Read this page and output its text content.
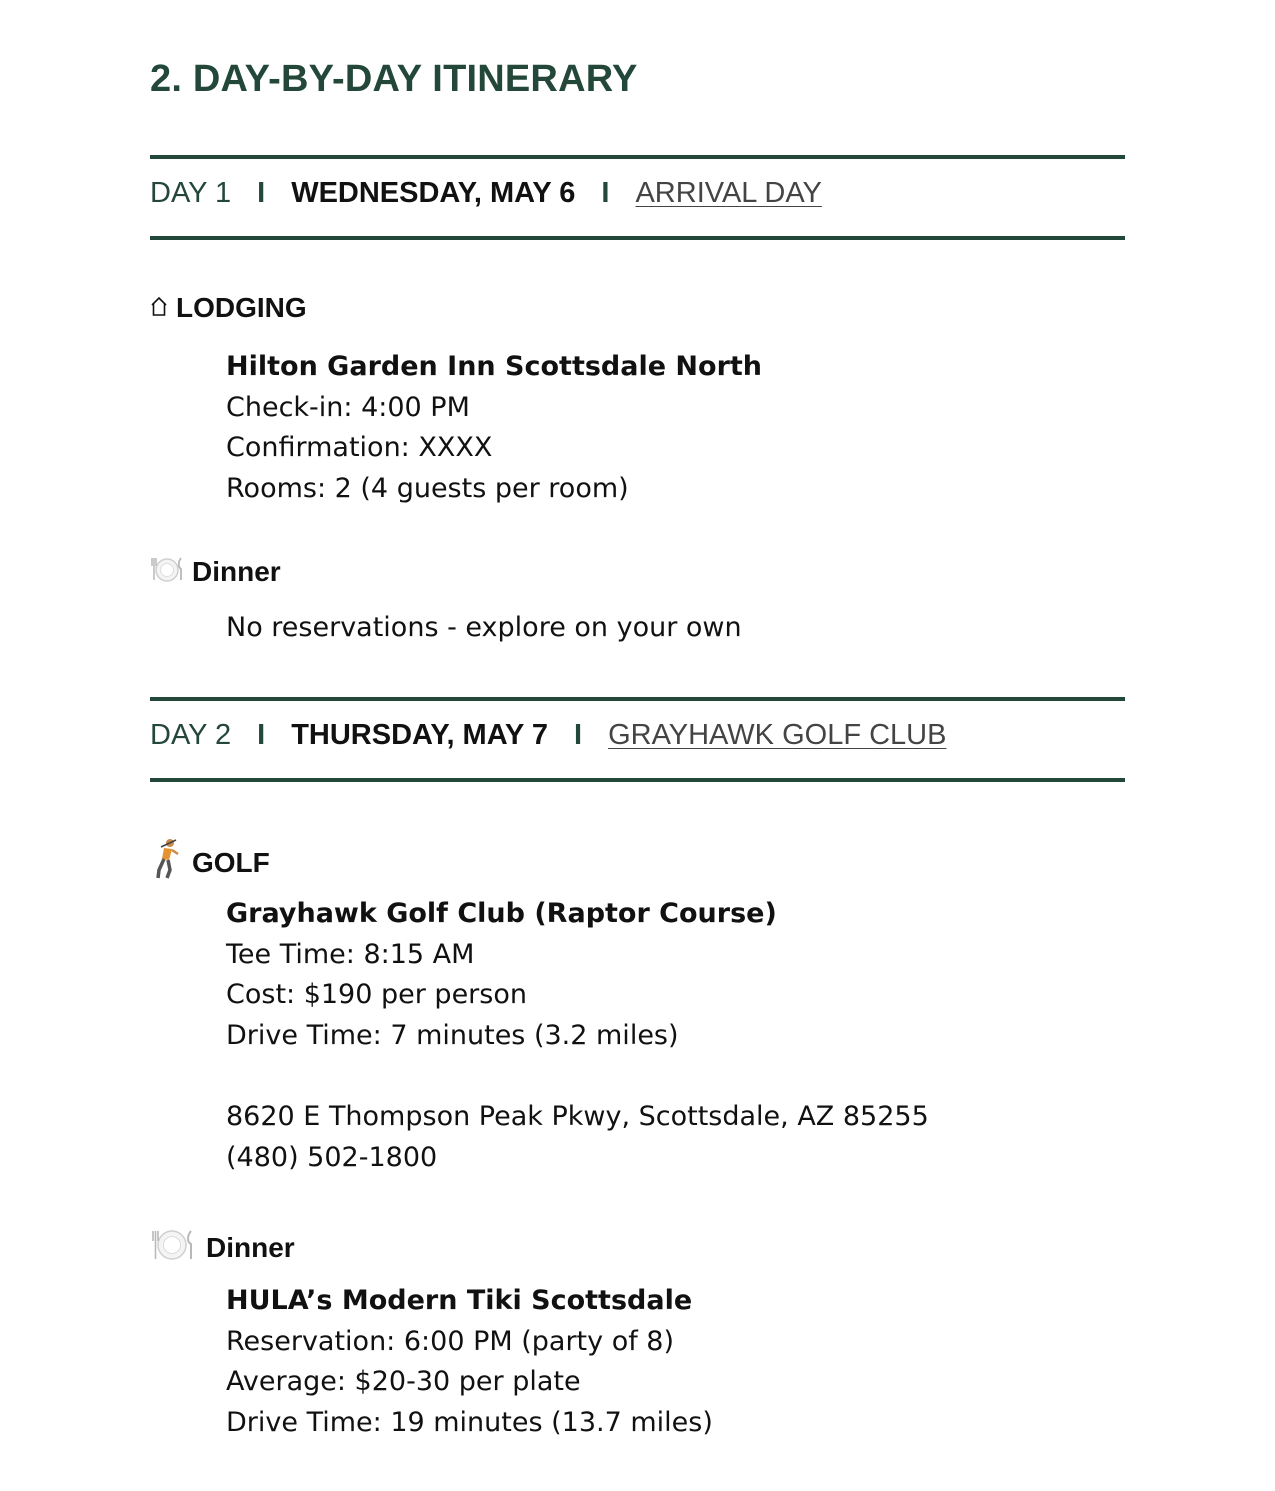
2. DAY-BY-DAY ITINERARY
DAY 1 I WEDNESDAY, MAY 6 I ARRIVAL DAY
LODGING
Hilton Garden Inn Scottsdale North
Check-in: 4:00 PM
Confirmation: XXXX
Rooms: 2 (4 guests per room)
Dinner
No reservations - explore on your own
DAY 2 I THURSDAY, MAY 7 I GRAYHAWK GOLF CLUB
GOLF
Grayhawk Golf Club (Raptor Course)
Tee Time: 8:15 AM
Cost: $190 per person
Drive Time: 7 minutes (3.2 miles)
8620 E Thompson Peak Pkwy, Scottsdale, AZ 85255
(480) 502-1800
Dinner
HULA’s Modern Tiki Scottsdale
Reservation: 6:00 PM (party of 8)
Average: $20-30 per plate
Drive Time: 19 minutes (13.7 miles)
